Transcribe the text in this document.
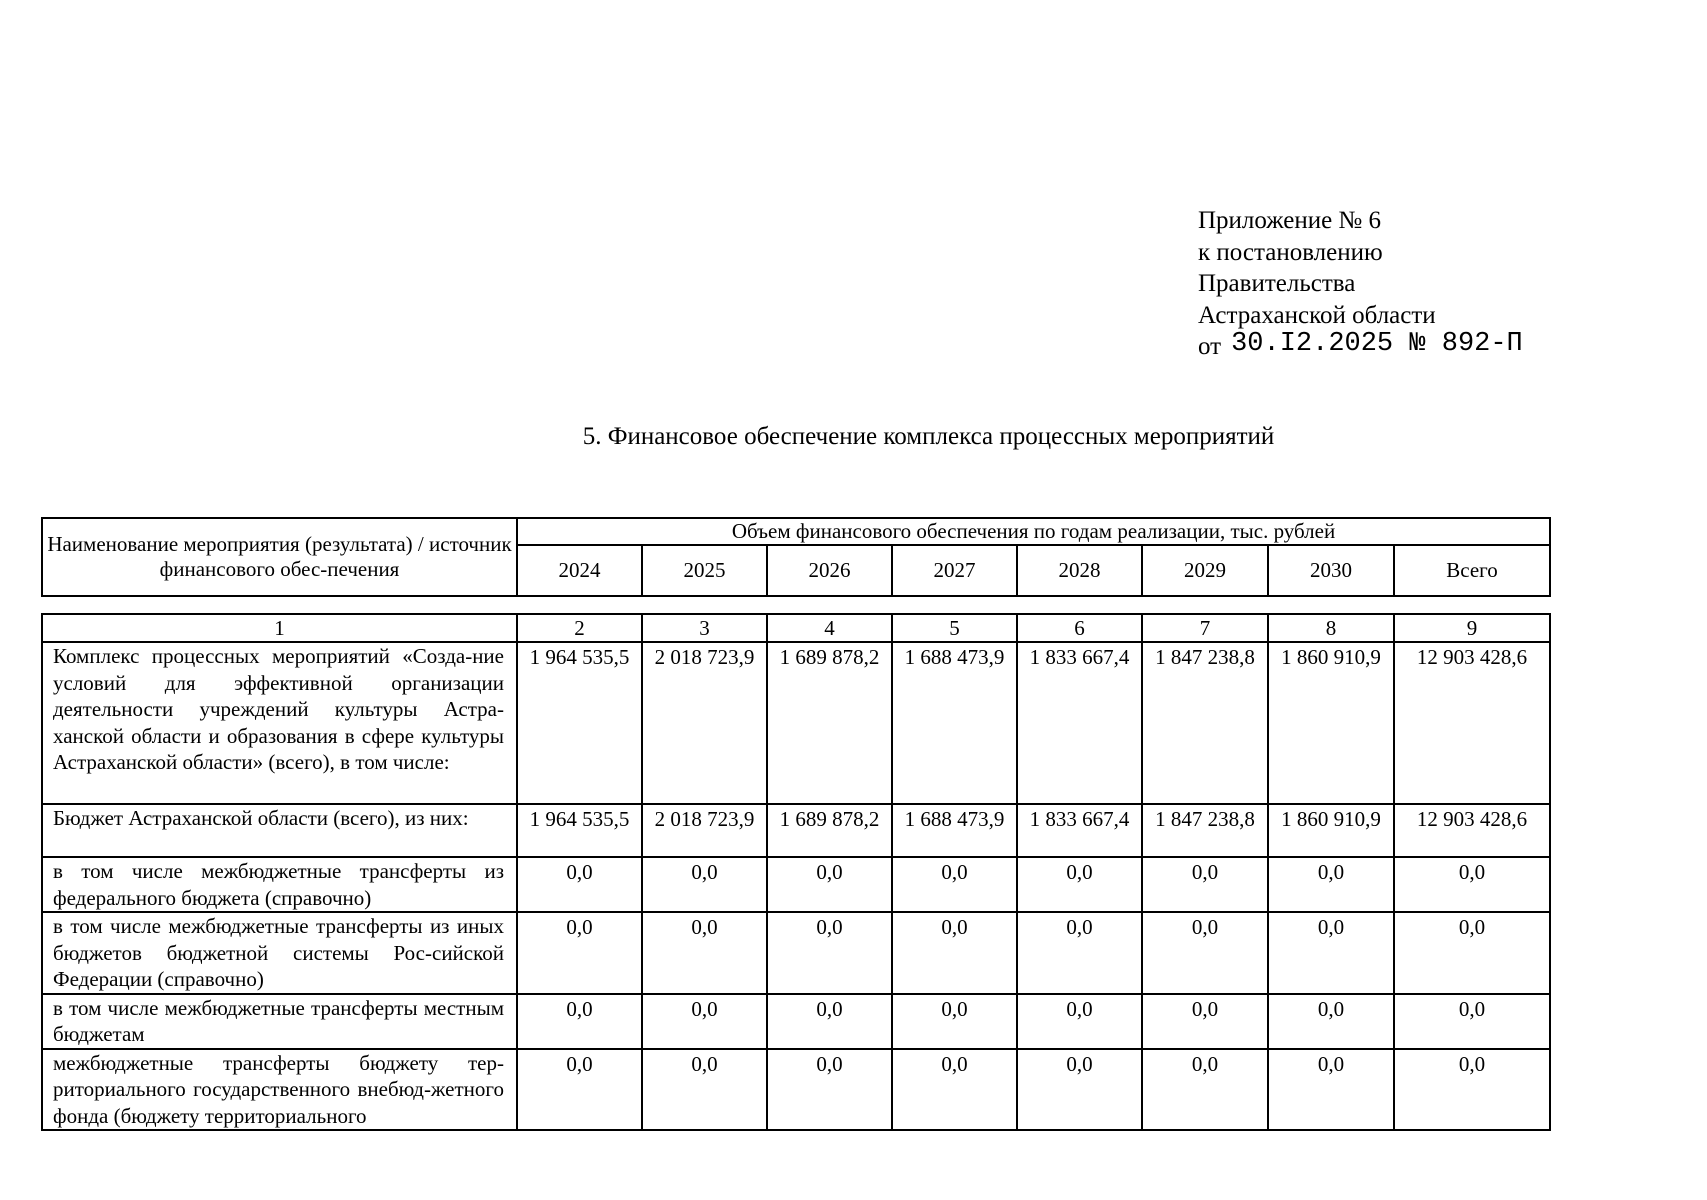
Приложение № 6
к постановлению
Правительства
Астраханской области
от 30.I2.2025 № 892-П
5. Финансовое обеспечение комплекса процессных мероприятий
Наименование мероприятия (результата) / источник финансового обес-печения	Объем финансового обеспечения по годам реализации, тыс. рублей							
	2024	2025	2026	2027	2028	2029	2030	Всего
1	2	3	4	5	6	7	8	9
Комплекс процессных мероприятий «Созда-ние условий для эффективной организации деятельности учреждений культуры Астра-ханской области и образования в сфере культуры Астраханской области» (всего), в том числе:	1 964 535,5	2 018 723,9	1 689 878,2	1 688 473,9	1 833 667,4	1 847 238,8	1 860 910,9	12 903 428,6
Бюджет Астраханской области (всего), из них:	1 964 535,5	2 018 723,9	1 689 878,2	1 688 473,9	1 833 667,4	1 847 238,8	1 860 910,9	12 903 428,6
в том числе межбюджетные трансферты из федерального бюджета (справочно)	0,0	0,0	0,0	0,0	0,0	0,0	0,0	0,0
в том числе межбюджетные трансферты из иных бюджетов бюджетной системы Рос-сийской Федерации (справочно)	0,0	0,0	0,0	0,0	0,0	0,0	0,0	0,0
в том числе межбюджетные трансферты местным бюджетам	0,0	0,0	0,0	0,0	0,0	0,0	0,0	0,0
межбюджетные трансферты бюджету тер-риториального государственного внебюд-жетного фонда (бюджету территориального	0,0	0,0	0,0	0,0	0,0	0,0	0,0	0,0
